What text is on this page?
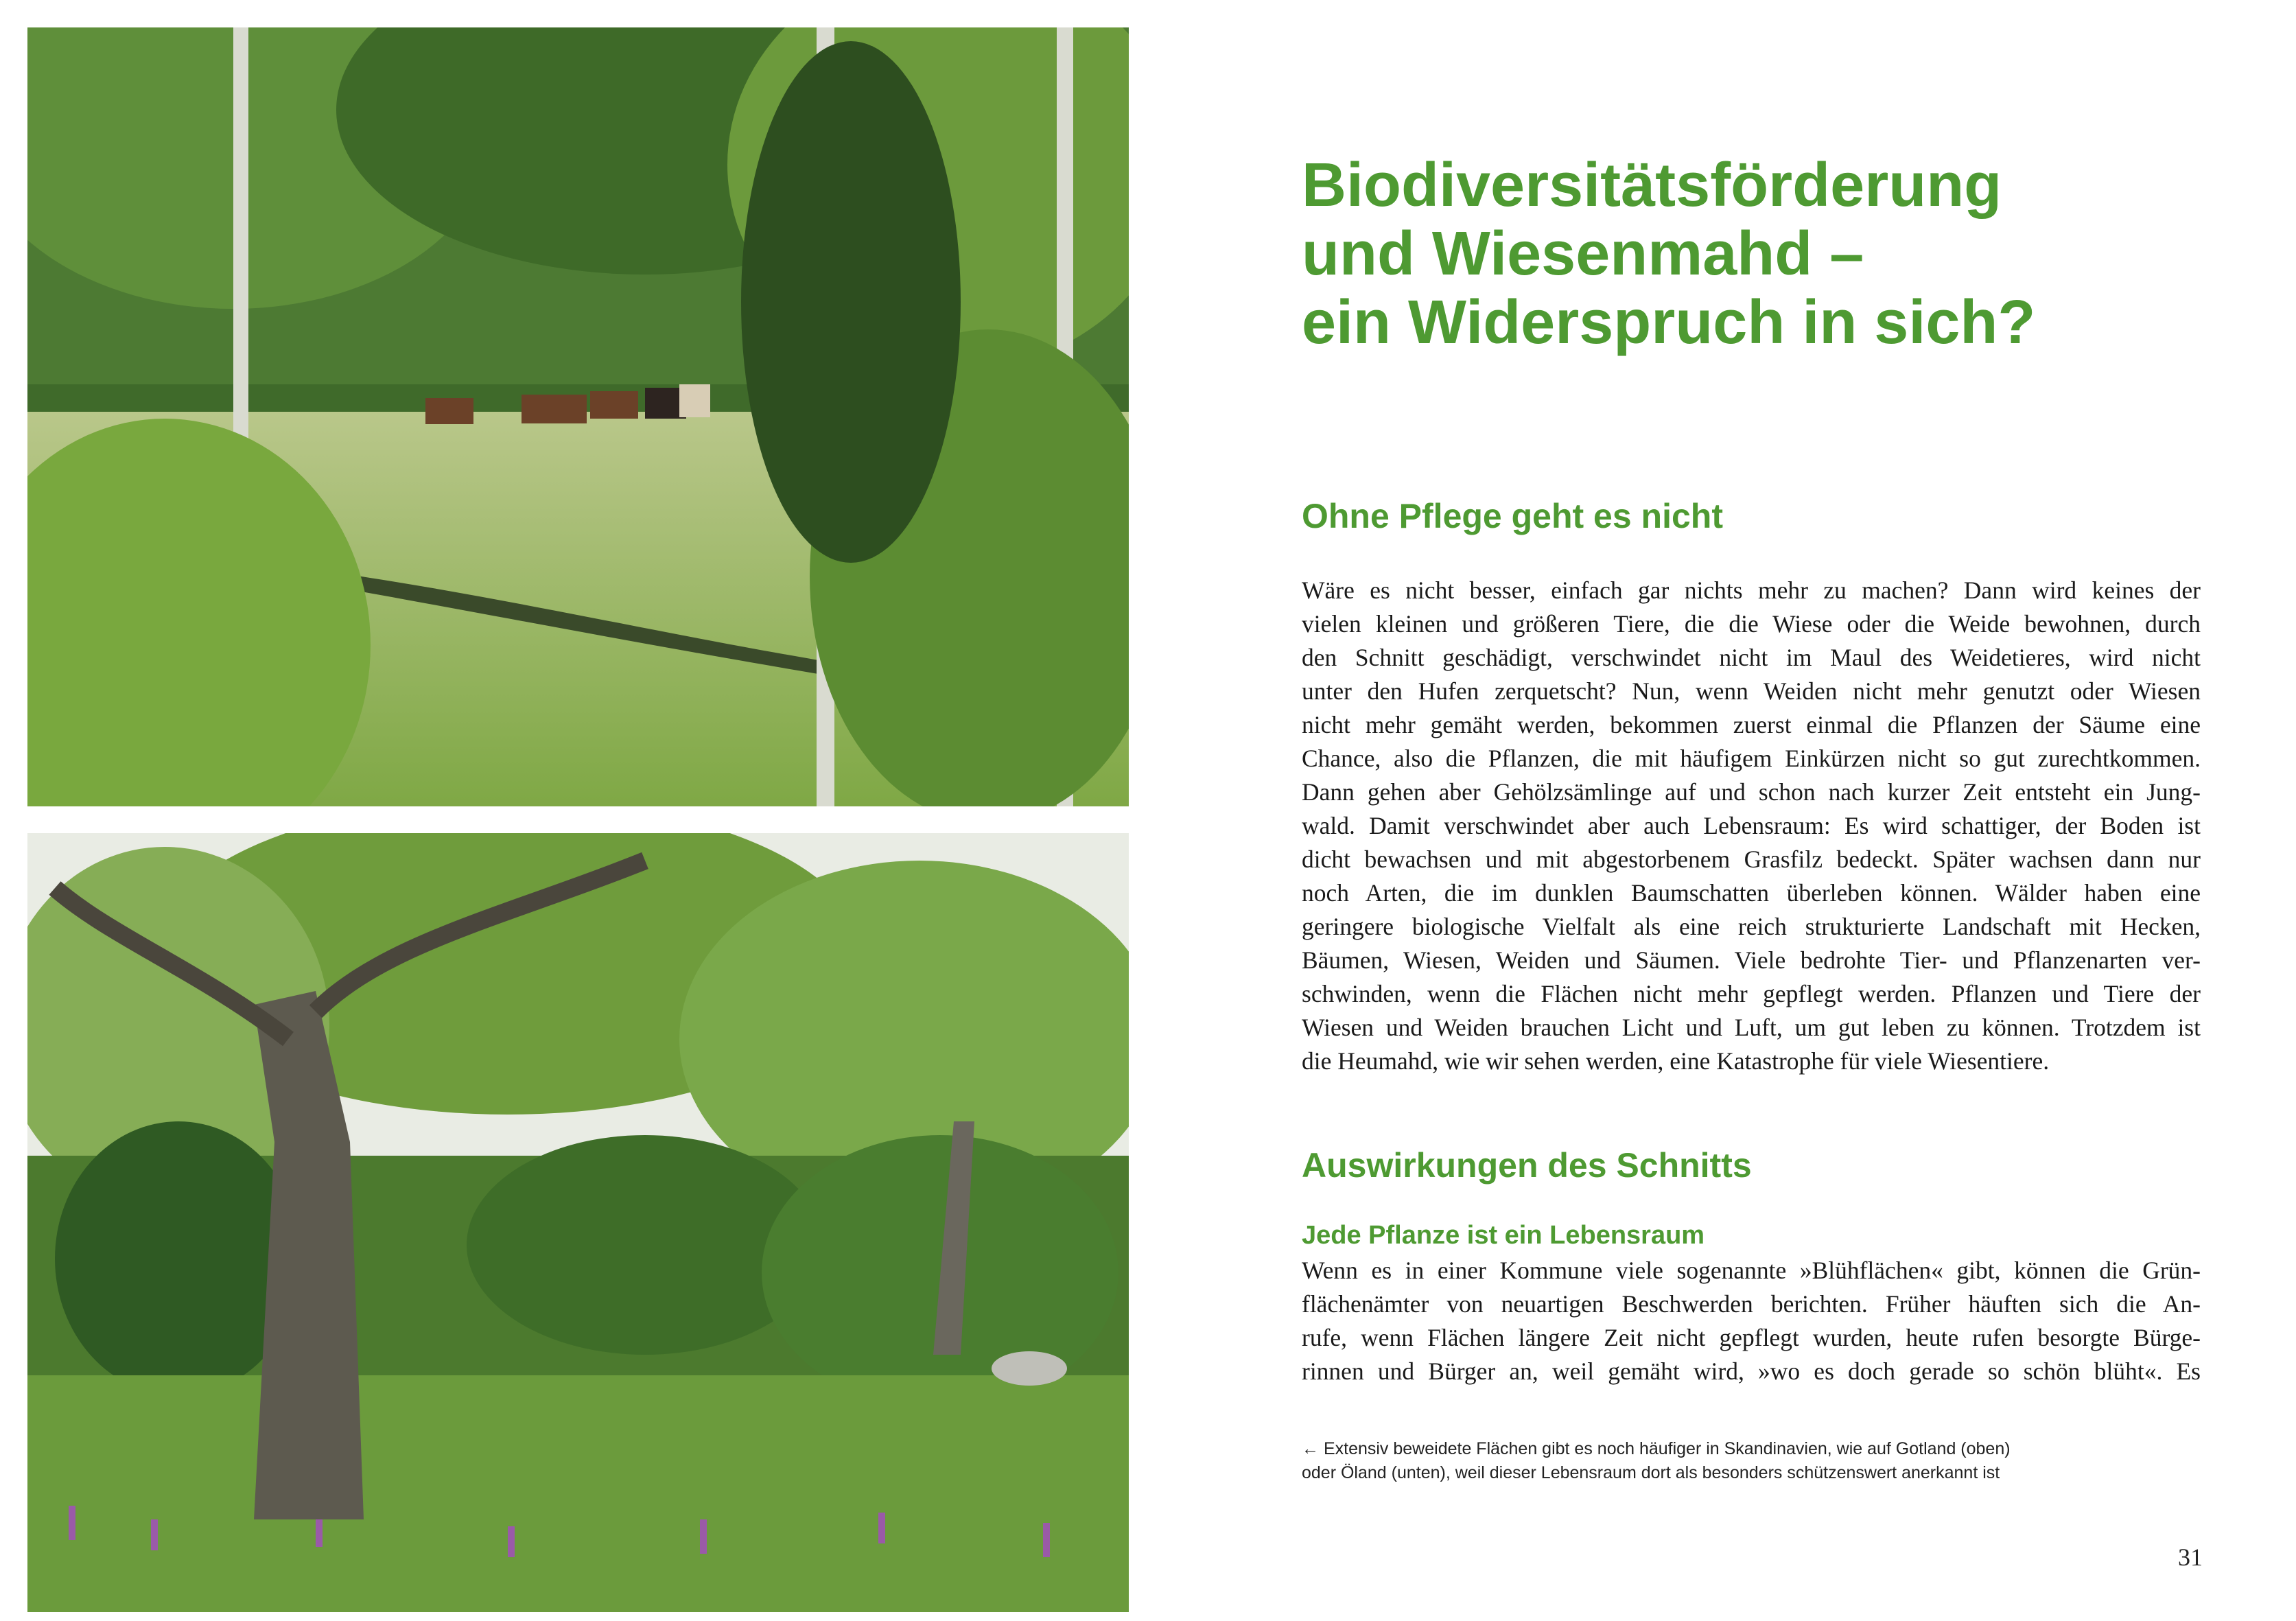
Biodiversitätsförderung
und Wiesenmahd –
ein Widerspruch in sich?
Ohne Pflege geht es nicht
Wäre es nicht besser, einfach gar nichts mehr zu machen? Dann wird keines der
vielen kleinen und größeren Tiere, die die Wiese oder die Weide bewohnen, durch
den Schnitt geschädigt, verschwindet nicht im Maul des Weidetieres, wird nicht
unter den Hufen zerquetscht? Nun, wenn Weiden nicht mehr genutzt oder Wiesen
nicht mehr gemäht werden, bekommen zuerst einmal die Pflanzen der Säume eine
Chance, also die Pflanzen, die mit häufigem Einkürzen nicht so gut zurechtkommen.
Dann gehen aber Gehölzsämlinge auf und schon nach kurzer Zeit entsteht ein Jung-
wald. Damit verschwindet aber auch Lebensraum: Es wird schattiger, der Boden ist
dicht bewachsen und mit abgestorbenem Grasfilz bedeckt. Später wachsen dann nur
noch Arten, die im dunklen Baumschatten überleben können. Wälder haben eine
geringere biologische Vielfalt als eine reich strukturierte Landschaft mit Hecken,
Bäumen, Wiesen, Weiden und Säumen. Viele bedrohte Tier- und Pflanzenarten ver-
schwinden, wenn die Flächen nicht mehr gepflegt werden. Pflanzen und Tiere der
Wiesen und Weiden brauchen Licht und Luft, um gut leben zu können. Trotzdem ist
die Heumahd, wie wir sehen werden, eine Katastrophe für viele Wiesentiere.
Auswirkungen des Schnitts
Jede Pflanze ist ein Lebensraum
Wenn es in einer Kommune viele sogenannte »Blühflächen« gibt, können die Grün-
flächenämter von neuartigen Beschwerden berichten. Früher häuften sich die An-
rufe, wenn Flächen längere Zeit nicht gepflegt wurden, heute rufen besorgte Bürge-
rinnen und Bürger an, weil gemäht wird, »wo es doch gerade so schön blüht«. Es
← Extensiv beweidete Flächen gibt es noch häufiger in Skandinavien, wie auf Gotland (oben)
oder Öland (unten), weil dieser Lebensraum dort als besonders schützenswert anerkannt ist
31
